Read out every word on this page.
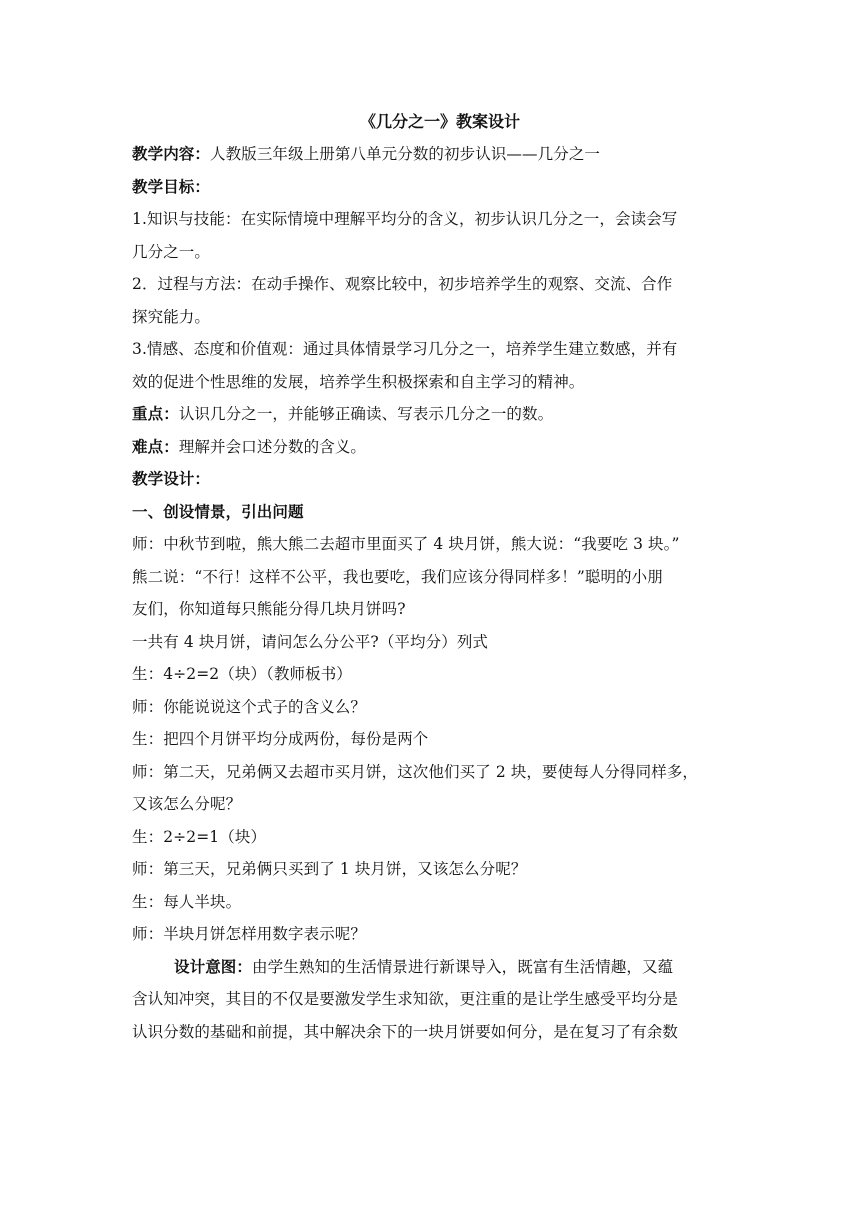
《几分之一》教案设计
教学内容：人教版三年级上册第八单元分数的初步认识——几分之一
教学目标：
1.知识与技能：在实际情境中理解平均分的含义，初步认识几分之一，会读会写
几分之一。
2．过程与方法：在动手操作、观察比较中，初步培养学生的观察、交流、合作
探究能力。
3.情感、态度和价值观：通过具体情景学习几分之一，培养学生建立数感，并有
效的促进个性思维的发展，培养学生积极探索和自主学习的精神。
重点：认识几分之一，并能够正确读、写表示几分之一的数。
难点：理解并会口述分数的含义。
教学设计：
一、创设情景，引出问题
师：中秋节到啦，熊大熊二去超市里面买了 4 块月饼，熊大说：“我要吃 3 块。”
熊二说：“不行！这样不公平，我也要吃，我们应该分得同样多！”聪明的小朋
友们，你知道每只熊能分得几块月饼吗?
一共有 4 块月饼，请问怎么分公平?（平均分）列式
生：4÷2=2（块）（教师板书）
师：你能说说这个式子的含义么？
生：把四个月饼平均分成两份，每份是两个
师：第二天，兄弟俩又去超市买月饼，这次他们买了 2 块，要使每人分得同样多，
又该怎么分呢？
生：2÷2=1（块）
师：第三天，兄弟俩只买到了 1 块月饼，又该怎么分呢？
生：每人半块。
师：半块月饼怎样用数字表示呢？
设计意图：由学生熟知的生活情景进行新课导入，既富有生活情趣，又蕴
含认知冲突，其目的不仅是要激发学生求知欲，更注重的是让学生感受平均分是
认识分数的基础和前提，其中解决余下的一块月饼要如何分，是在复习了有余数
